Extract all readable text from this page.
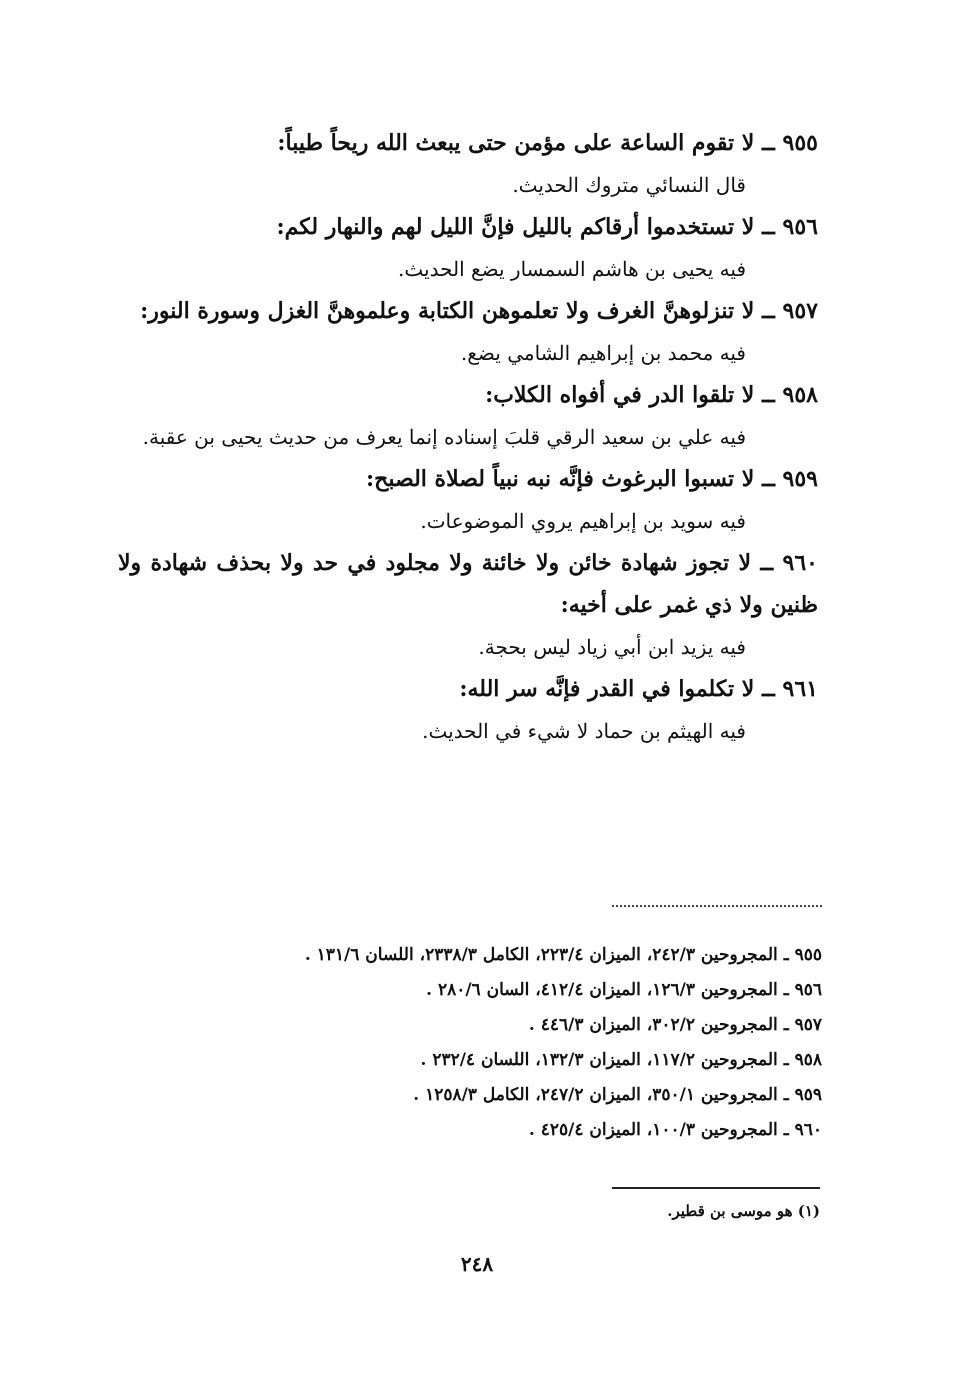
٩٥٥ ــ لا تقوم الساعة على مؤمن حتى يبعث الله ريحاً طيباً:

قال النسائي متروك الحديث.

٩٥٦ ــ لا تستخدموا أرقاكم بالليل فإنَّ الليل لهم والنهار لكم:

فيه يحيى بن هاشم السمسار يضع الحديث.

٩٥٧ ــ لا تنزلوهنَّ الغرف ولا تعلموهن الكتابة وعلموهنَّ الغزل وسورة النور:

فيه محمد بن إبراهيم الشامي يضع.

٩٥٨ ــ لا تلقوا الدر في أفواه الكلاب:

فيه علي بن سعيد الرقي قلبَ إسناده إنما يعرف من حديث يحيى بن عقبة.

٩٥٩ ــ لا تسبوا البرغوث فإنَّه نبه نبياً لصلاة الصبح:

فيه سويد بن إبراهيم يروي الموضوعات.

٩٦٠ ــ لا تجوز شهادة خائن ولا خائنة ولا مجلود في حد ولا بحذف شهادة ولا ظنين ولا ذي غمر على أخيه:

فيه يزيد ابن أبي زياد ليس بحجة.

٩٦١ ــ لا تكلموا في القدر فإنَّه سر الله:

فيه الهيثم بن حماد لا شيء في الحديث.

٩٥٥ ـ المجروحين ٢٤٢/٣، الميزان ٢٢٣/٤، الكامل ٢٣٣٨/٣، اللسان ١٣١/٦ .

٩٥٦ ـ المجروحين ١٢٦/٣، الميزان ٤١٢/٤، السان ٢٨٠/٦ .

٩٥٧ ـ المجروحين ٣٠٢/٢، الميزان ٤٤٦/٣ .

٩٥٨ ـ المجروحين ١١٧/٢، الميزان ١٣٢/٣، اللسان ٢٣٢/٤ .

٩٥٩ ـ المجروحين ٣٥٠/١، الميزان ٢٤٧/٢، الكامل ١٢٥٨/٣ .

٩٦٠ ـ المجروحين ١٠٠/٣، الميزان ٤٢٥/٤ .

(١) هو موسى بن قطير.
٢٤٨
